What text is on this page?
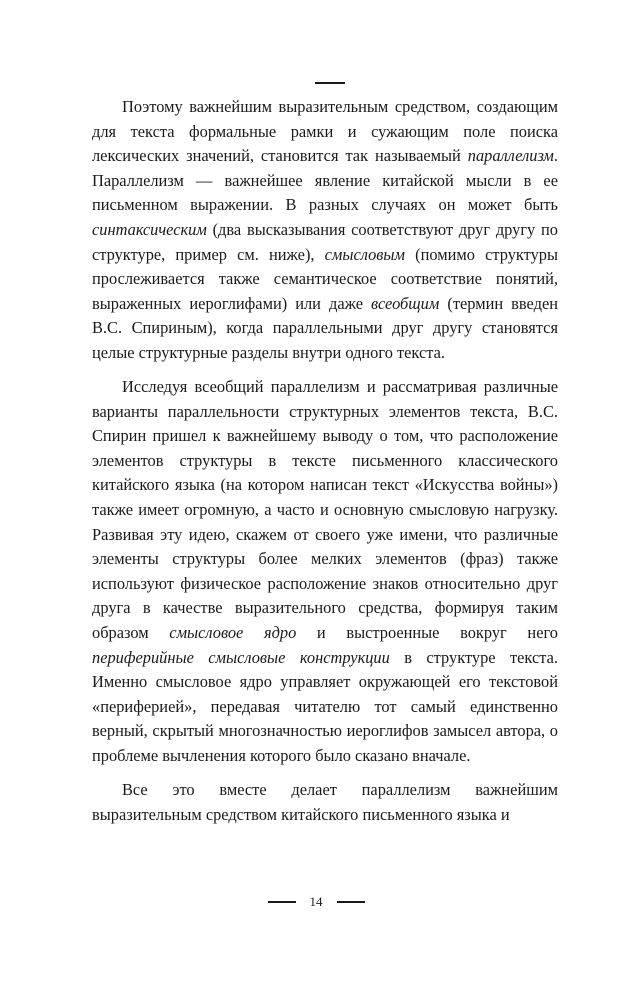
Поэтому важнейшим выразительным средством, создающим для текста формальные рамки и сужающим поле поиска лексических значений, становится так называемый параллелизм. Параллелизм — важнейшее явление китайской мысли в ее письменном выражении. В разных случаях он может быть синтаксическим (два высказывания соответствуют друг другу по структуре, пример см. ниже), смысловым (помимо структуры прослеживается также семантическое соответствие понятий, выраженных иероглифами) или даже всеобщим (термин введен В.С. Спириным), когда параллельными друг другу становятся целые структурные разделы внутри одного текста.

Исследуя всеобщий параллелизм и рассматривая различные варианты параллельности структурных элементов текста, В.С. Спирин пришел к важнейшему выводу о том, что расположение элементов структуры в тексте письменного классического китайского языка (на котором написан текст «Искусства войны») также имеет огромную, а часто и основную смысловую нагрузку. Развивая эту идею, скажем от своего уже имени, что различные элементы структуры более мелких элементов (фраз) также используют физическое расположение знаков относительно друг друга в качестве выразительного средства, формируя таким образом смысловое ядро и выстроенные вокруг него периферийные смысловые конструкции в структуре текста. Именно смысловое ядро управляет окружающей его текстовой «периферией», передавая читателю тот самый единственно верный, скрытый многозначностью иероглифов замысел автора, о проблеме вычленения которого было сказано вначале.

Все это вместе делает параллелизм важнейшим выразительным средством китайского письменного языка и

14
